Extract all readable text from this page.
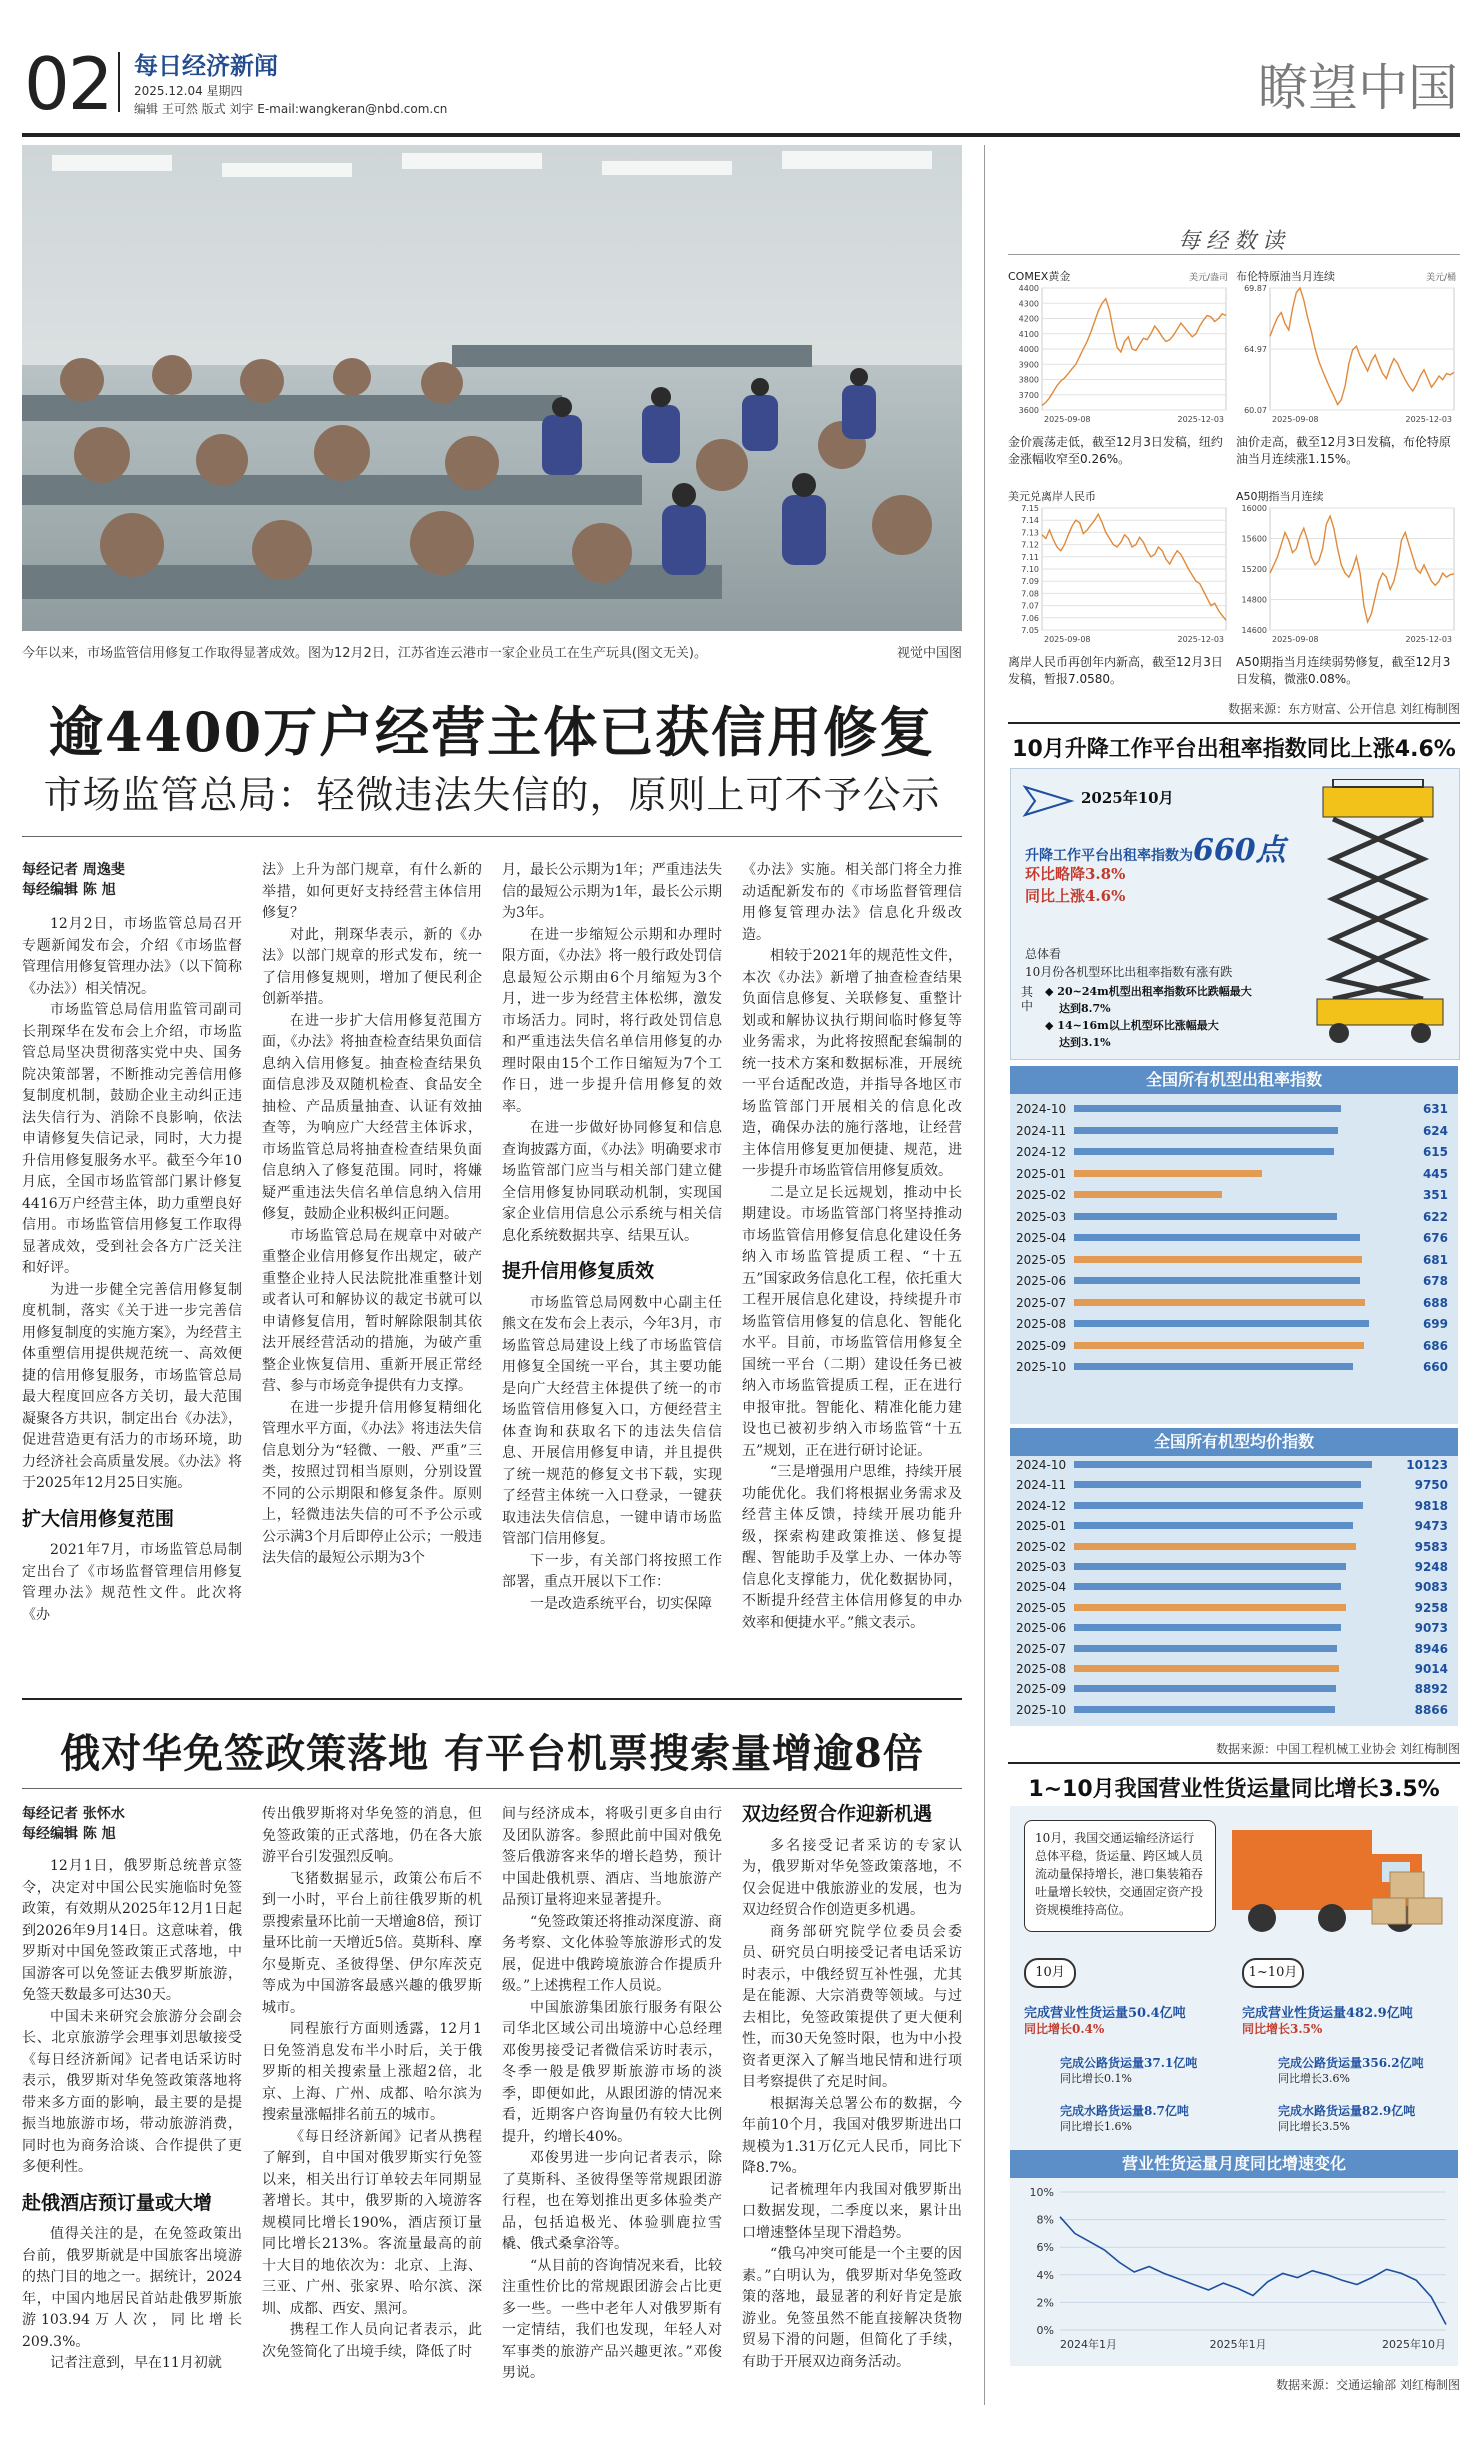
02 每日经济新闻
2025.12.04 星期四
编辑 王可然 版式 刘宇 E-mail:wangkeran@nbd.com.cn	瞭望中国
今年以来，市场监管信用修复工作取得显著成效。图为12月2日，江苏省连云港市一家企业员工在生产玩具(图文无关)。	视觉中国图
逾4400万户经营主体已获信用修复
市场监管总局：轻微违法失信的，原则上可不予公示
每经记者 周逸斐
每经编辑 陈 旭

12月2日，市场监管总局召开专题新闻发布会，介绍《市场监督管理信用修复管理办法》（以下简称《办法》）相关情况。

市场监管总局信用监管司副司长荆琛华在发布会上介绍，市场监管总局坚决贯彻落实党中央、国务院决策部署，不断推动完善信用修复制度机制，鼓励企业主动纠正违法失信行为、消除不良影响，依法申请修复失信记录，同时，大力提升信用修复服务水平。截至今年10月底，全国市场监管部门累计修复4416万户经营主体，助力重塑良好信用。市场监管信用修复工作取得显著成效，受到社会各方广泛关注和好评。

为进一步健全完善信用修复制度机制，落实《关于进一步完善信用修复制度的实施方案》，为经营主体重塑信用提供规范统一、高效便捷的信用修复服务，市场监管总局最大程度回应各方关切，最大范围凝聚各方共识，制定出台《办法》，促进营造更有活力的市场环境，助力经济社会高质量发展。《办法》将于2025年12月25日实施。

扩大信用修复范围

2021年7月，市场监管总局制定出台了《市场监督管理信用修复管理办法》规范性文件。此次将《办

法》上升为部门规章，有什么新的举措，如何更好支持经营主体信用修复？

对此，荆琛华表示，新的《办法》以部门规章的形式发布，统一了信用修复规则，增加了便民利企创新举措。

在进一步扩大信用修复范围方面，《办法》将抽查检查结果负面信息纳入信用修复。抽查检查结果负面信息涉及双随机检查、食品安全抽检、产品质量抽查、认证有效抽查等，为响应广大经营主体诉求，市场监管总局将抽查检查结果负面信息纳入了修复范围。同时，将嫌疑严重违法失信名单信息纳入信用修复，鼓励企业积极纠正问题。

市场监管总局在规章中对破产重整企业信用修复作出规定，破产重整企业持人民法院批准重整计划或者认可和解协议的裁定书就可以申请修复信用，暂时解除限制其依法开展经营活动的措施，为破产重整企业恢复信用、重新开展正常经营、参与市场竞争提供有力支撑。

在进一步提升信用修复精细化管理水平方面，《办法》将违法失信信息划分为“轻微、一般、严重”三类，按照过罚相当原则，分别设置不同的公示期限和修复条件。原则上，轻微违法失信的可不予公示或公示满3个月后即停止公示；一般违法失信的最短公示期为3个

月，最长公示期为1年；严重违法失信的最短公示期为1年，最长公示期为3年。

在进一步缩短公示期和办理时限方面，《办法》将一般行政处罚信息最短公示期由6个月缩短为3个月，进一步为经营主体松绑，激发市场活力。同时，将行政处罚信息和严重违法失信名单信用修复的办理时限由15个工作日缩短为7个工作日，进一步提升信用修复的效率。

在进一步做好协同修复和信息查询披露方面，《办法》明确要求市场监管部门应当与相关部门建立健全信用修复协同联动机制，实现国家企业信用信息公示系统与相关信息化系统数据共享、结果互认。

提升信用修复质效

市场监管总局网数中心副主任熊文在发布会上表示，今年3月，市场监管总局建设上线了市场监管信用修复全国统一平台，其主要功能是向广大经营主体提供了统一的市场监管信用修复入口，方便经营主体查询和获取名下的违法失信信息、开展信用修复申请，并且提供了统一规范的修复文书下载，实现了经营主体统一入口登录，一键获取违法失信信息，一键申请市场监管部门信用修复。

下一步，有关部门将按照工作部署，重点开展以下工作：

一是改造系统平台，切实保障

《办法》实施。相关部门将全力推动适配新发布的《市场监督管理信用修复管理办法》信息化升级改造。

相较于2021年的规范性文件，本次《办法》新增了抽查检查结果负面信息修复、关联修复、重整计划或和解协议执行期间临时修复等业务需求，为此将按照配套编制的统一技术方案和数据标准，开展统一平台适配改造，并指导各地区市场监管部门开展相关的信息化改造，确保办法的施行落地，让经营主体信用修复更加便捷、规范，进一步提升市场监管信用修复质效。

二是立足长远规划，推动中长期建设。市场监管部门将坚持推动市场监管信用修复信息化建设任务纳入市场监管提质工程、“十五五”国家政务信息化工程，依托重大工程开展信息化建设，持续提升市场监管信用修复的信息化、智能化水平。目前，市场监管信用修复全国统一平台（二期）建设任务已被纳入市场监管提质工程，正在进行申报审批。智能化、精准化能力建设也已被初步纳入市场监管“十五五”规划，正在进行研讨论证。

“三是增强用户思维，持续开展功能优化。我们将根据业务需求及经营主体反馈，持续开展功能升级，探索构建政策推送、修复提醒、智能助手及掌上办、一体办等信息化支撑能力，优化数据协同，不断提升经营主体信用修复的申办效率和便捷水平。”熊文表示。

俄对华免签政策落地 有平台机票搜索量增逾8倍
每经记者 张怀水
每经编辑 陈 旭

12月1日，俄罗斯总统普京签令，决定对中国公民实施临时免签政策，有效期从2025年12月1日起到2026年9月14日。这意味着，俄罗斯对中国免签政策正式落地，中国游客可以免签证去俄罗斯旅游，免签天数最多可达30天。

中国未来研究会旅游分会副会长、北京旅游学会理事刘思敏接受《每日经济新闻》记者电话采访时表示，俄罗斯对华免签政策落地将带来多方面的影响，最主要的是提振当地旅游市场，带动旅游消费，同时也为商务洽谈、合作提供了更多便利性。

赴俄酒店预订量或大增

值得关注的是，在免签政策出台前，俄罗斯就是中国旅客出境游的热门目的地之一。据统计，2024年，中国内地居民首站赴俄罗斯旅游103.94万人次，同比增长209.3%。

记者注意到，早在11月初就

传出俄罗斯将对华免签的消息，但免签政策的正式落地，仍在各大旅游平台引发强烈反响。

飞猪数据显示，政策公布后不到一小时，平台上前往俄罗斯的机票搜索量环比前一天增逾8倍，预订量环比前一天增近5倍。莫斯科、摩尔曼斯克、圣彼得堡、伊尔库茨克等成为中国游客最感兴趣的俄罗斯城市。

同程旅行方面则透露，12月1日免签消息发布半小时后，关于俄罗斯的相关搜索量上涨超2倍，北京、上海、广州、成都、哈尔滨为搜索量涨幅排名前五的城市。

《每日经济新闻》记者从携程了解到，自中国对俄罗斯实行免签以来，相关出行订单较去年同期显著增长。其中，俄罗斯的入境游客规模同比增长190%，酒店预订量同比增长213%。客流量最高的前十大目的地依次为：北京、上海、三亚、广州、张家界、哈尔滨、深圳、成都、西安、黑河。

携程工作人员向记者表示，此次免签简化了出境手续，降低了时

间与经济成本，将吸引更多自由行及团队游客。参照此前中国对俄免签后俄游客来华的增长趋势，预计中国赴俄机票、酒店、当地旅游产品预订量将迎来显著提升。

“免签政策还将推动深度游、商务考察、文化体验等旅游形式的发展，促进中俄跨境旅游合作提质升级。”上述携程工作人员说。

中国旅游集团旅行服务有限公司华北区域公司出境游中心总经理邓俊男接受记者微信采访时表示，冬季一般是俄罗斯旅游市场的淡季，即便如此，从跟团游的情况来看，近期客户咨询量仍有较大比例提升，约增长40%。

邓俊男进一步向记者表示，除了莫斯科、圣彼得堡等常规跟团游行程，也在筹划推出更多体验类产品，包括追极光、体验驯鹿拉雪橇、俄式桑拿浴等。

“从目前的咨询情况来看，比较注重性价比的常规跟团游会占比更多一些。一些中老年人对俄罗斯有一定情结，我们也发现，年轻人对军事类的旅游产品兴趣更浓。”邓俊男说。

双边经贸合作迎新机遇

多名接受记者采访的专家认为，俄罗斯对华免签政策落地，不仅会促进中俄旅游业的发展，也为双边经贸合作创造更多机遇。

商务部研究院学位委员会委员、研究员白明接受记者电话采访时表示，中俄经贸互补性强，尤其是在能源、大宗消费等领域。与过去相比，免签政策提供了更大便利性，而30天免签时限，也为中小投资者更深入了解当地民情和进行项目考察提供了充足时间。

根据海关总署公布的数据，今年前10个月，我国对俄罗斯进出口规模为1.31万亿元人民币，同比下降8.7%。

记者梳理年内我国对俄罗斯出口数据发现，二季度以来，累计出口增速整体呈现下滑趋势。

“俄乌冲突可能是一个主要的因素。”白明认为，俄罗斯对华免签政策的落地，最显著的利好肯定是旅游业。免签虽然不能直接解决货物贸易下滑的问题，但简化了手续，有助于开展双边商务活动。

每经数读
COMEX黄金	美元/盎司
4400
4300
4200
4100
4000
3900
3800
3700
3600
2025-09-08	2025-12-03
金价震荡走低，截至12月3日发稿，纽约金涨幅收窄至0.26%。
布伦特原油当月连续	美元/桶
69.87
64.97
60.07
2025-09-08	2025-12-03
油价走高，截至12月3日发稿，布伦特原油当月连续涨1.15%。
美元兑离岸人民币
7.15
7.14
7.13
7.12
7.11
7.10
7.09
7.08
7.07
7.06
7.05
2025-09-08	2025-12-03
离岸人民币再创年内新高，截至12月3日发稿，暂报7.0580。
A50期指当月连续
16000
15600
15200
14800
14600
2025-09-08	2025-12-03
A50期指当月连续弱势修复，截至12月3日发稿，微涨0.08%。
数据来源：东方财富、公开信息 刘红梅制图
10月升降工作平台出租率指数同比上涨4.6%
2025年10月
升降工作平台出租率指数为660点
环比略降3.8%
同比上涨4.6%
总体看
10月份各机型环比出租率指数有涨有跌
其中
◆ 20~24m机型出租率指数环比跌幅最大
达到8.7%
◆ 14~16m以上机型环比涨幅最大
达到3.1%
全国所有机型出租率指数
2024-10	631
2024-11	624
2024-12	615
2025-01	445
2025-02	351
2025-03	622
2025-04	676
2025-05	681
2025-06	678
2025-07	688
2025-08	699
2025-09	686
2025-10	660
全国所有机型均价指数
2024-10	10123
2024-11	9750
2024-12	9818
2025-01	9473
2025-02	9583
2025-03	9248
2025-04	9083
2025-05	9258
2025-06	9073
2025-07	8946
2025-08	9014
2025-09	8892
2025-10	8866
数据来源：中国工程机械工业协会 刘红梅制图
1~10月我国营业性货运量同比增长3.5%
10月，我国交通运输经济运行总体平稳，货运量、跨区域人员流动量保持增长，港口集装箱吞吐量增长较快，交通固定资产投资规模维持高位。
10月	1~10月
完成营业性货运量50.4亿吨
同比增长0.4%
完成营业性货运量482.9亿吨
同比增长3.5%
完成公路货运量37.1亿吨
同比增长0.1%
完成公路货运量356.2亿吨
同比增长3.6%
完成水路货运量8.7亿吨
同比增长1.6%
完成水路货运量82.9亿吨
同比增长3.5%
营业性货运量月度同比增速变化
10%
8%
6%
4%
2%
0%
2024年1月	2025年1月	2025年10月
数据来源：交通运输部 刘红梅制图
